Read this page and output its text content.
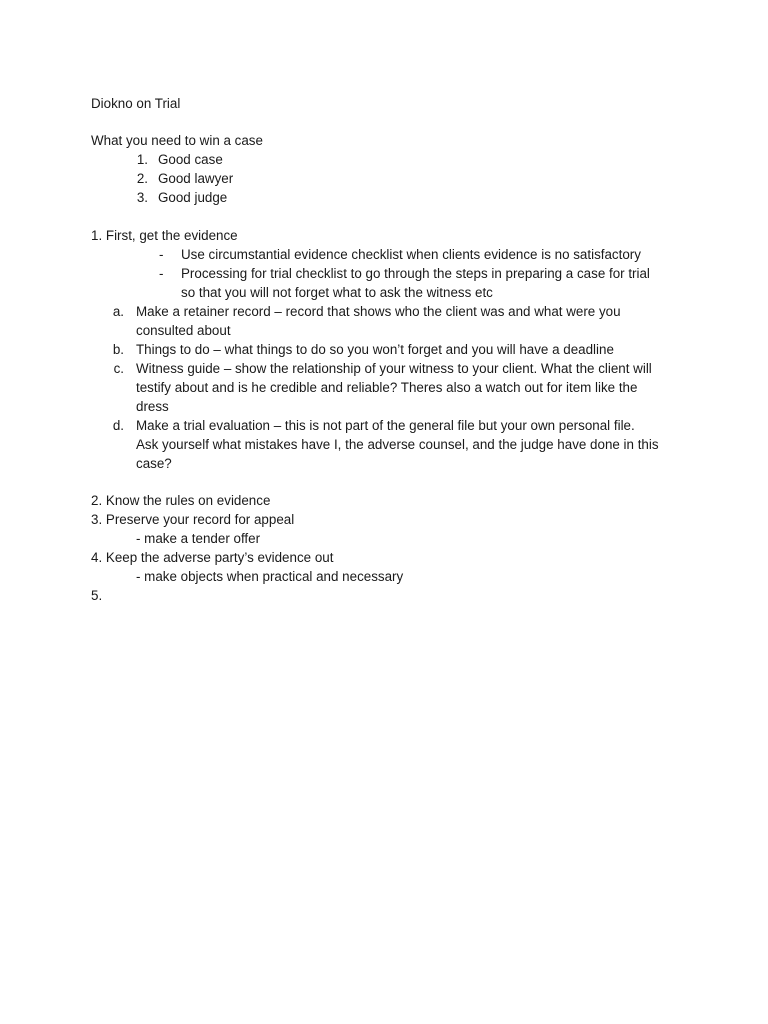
Diokno on Trial
What you need to win a case
1. Good case
2. Good lawyer
3. Good judge
1. First, get the evidence
- Use circumstantial evidence checklist when clients evidence is no satisfactory
- Processing for trial checklist to go through the steps in preparing a case for trial
so that you will not forget what to ask the witness etc
a. Make a retainer record – record that shows who the client was and what were you
consulted about
b. Things to do – what things to do so you won’t forget and you will have a deadline
c. Witness guide – show the relationship of your witness to your client. What the client will
testify about and is he credible and reliable? Theres also a watch out for item like the
dress
d. Make a trial evaluation – this is not part of the general file but your own personal file.
Ask yourself what mistakes have I, the adverse counsel, and the judge have done in this
case?
2. Know the rules on evidence
3. Preserve your record for appeal
- make a tender offer
4. Keep the adverse party’s evidence out
- make objects when practical and necessary
5.
